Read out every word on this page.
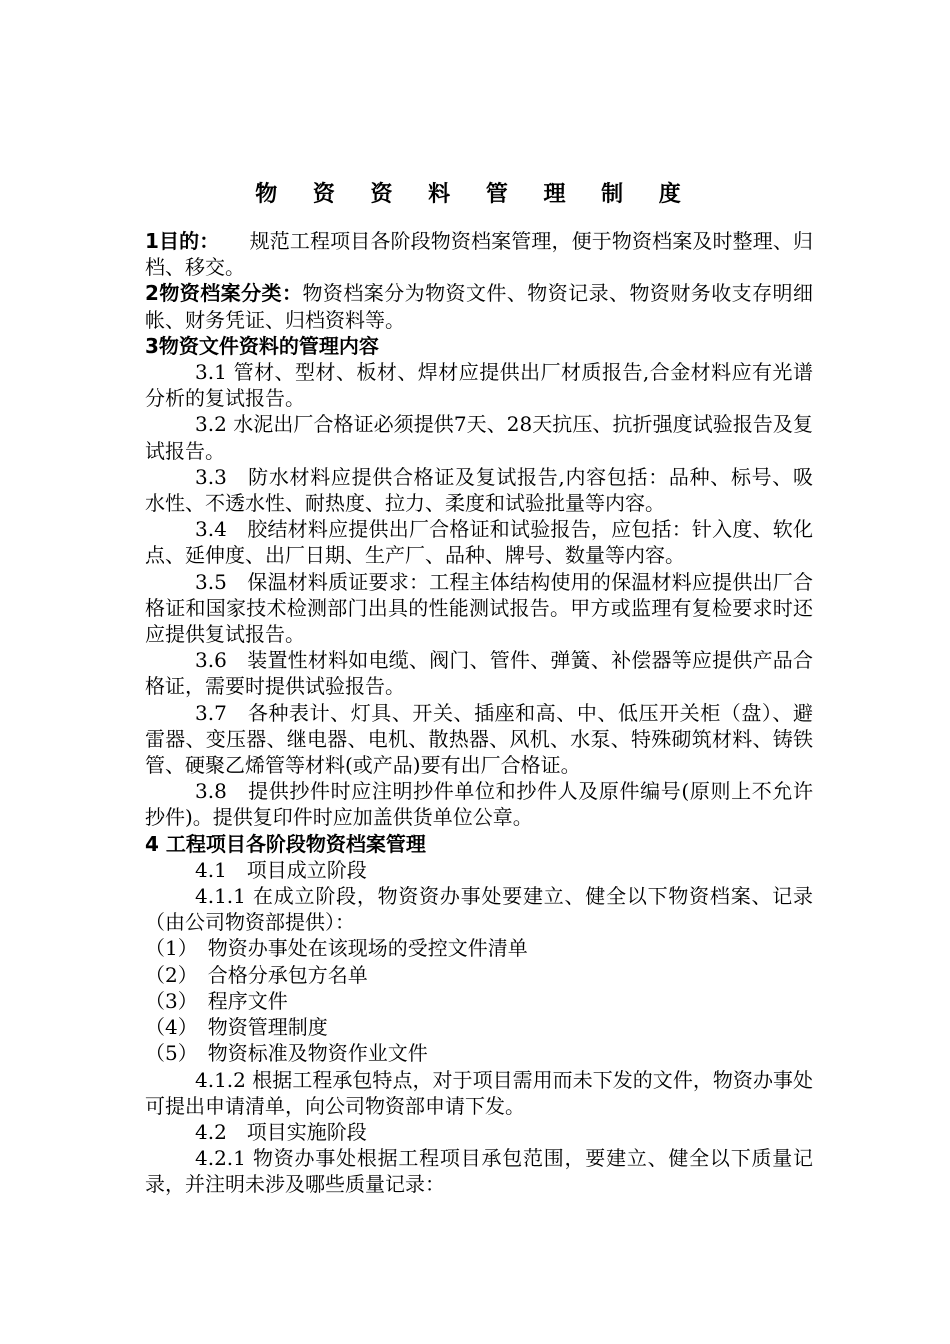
物 资 资 料 管 理 制 度

1目的：　　规范工程项目各阶段物资档案管理，便于物资档案及时整理、归档、移交。

2物资档案分类：物资档案分为物资文件、物资记录、物资财务收支存明细帐、财务凭证、归档资料等。

3物资文件资料的管理内容

3.1 管材、型材、板材、焊材应提供出厂材质报告,合金材料应有光谱分析的复试报告。

3.2 水泥出厂合格证必须提供7天、28天抗压、抗折强度试验报告及复试报告。

3.3　防水材料应提供合格证及复试报告,内容包括：品种、标号、吸水性、不透水性、耐热度、拉力、柔度和试验批量等内容。

3.4　胶结材料应提供出厂合格证和试验报告，应包括：针入度、软化点、延伸度、出厂日期、生产厂、品种、牌号、数量等内容。

3.5　保温材料质证要求：工程主体结构使用的保温材料应提供出厂合格证和国家技术检测部门出具的性能测试报告。甲方或监理有复检要求时还应提供复试报告。

3.6　装置性材料如电缆、阀门、管件、弹簧、补偿器等应提供产品合格证，需要时提供试验报告。

3.7　各种表计、灯具、开关、插座和高、中、低压开关柜（盘）、避雷器、变压器、继电器、电机、散热器、风机、水泵、特殊砌筑材料、铸铁管、硬聚乙烯管等材料(或产品)要有出厂合格证。

3.8　提供抄件时应注明抄件单位和抄件人及原件编号(原则上不允许抄件)。提供复印件时应加盖供货单位公章。

4 工程项目各阶段物资档案管理

4.1　项目成立阶段

4.1.1 在成立阶段，物资资办事处要建立、健全以下物资档案、记录（由公司物资部提供）：

（1）　物资办事处在该现场的受控文件清单

（2）　合格分承包方名单

（3）　程序文件

（4）　物资管理制度

（5）　物资标准及物资作业文件

4.1.2 根据工程承包特点，对于项目需用而未下发的文件，物资办事处可提出申请清单，向公司物资部申请下发。

4.2　项目实施阶段

4.2.1 物资办事处根据工程项目承包范围，要建立、健全以下质量记录，并注明未涉及哪些质量记录：
